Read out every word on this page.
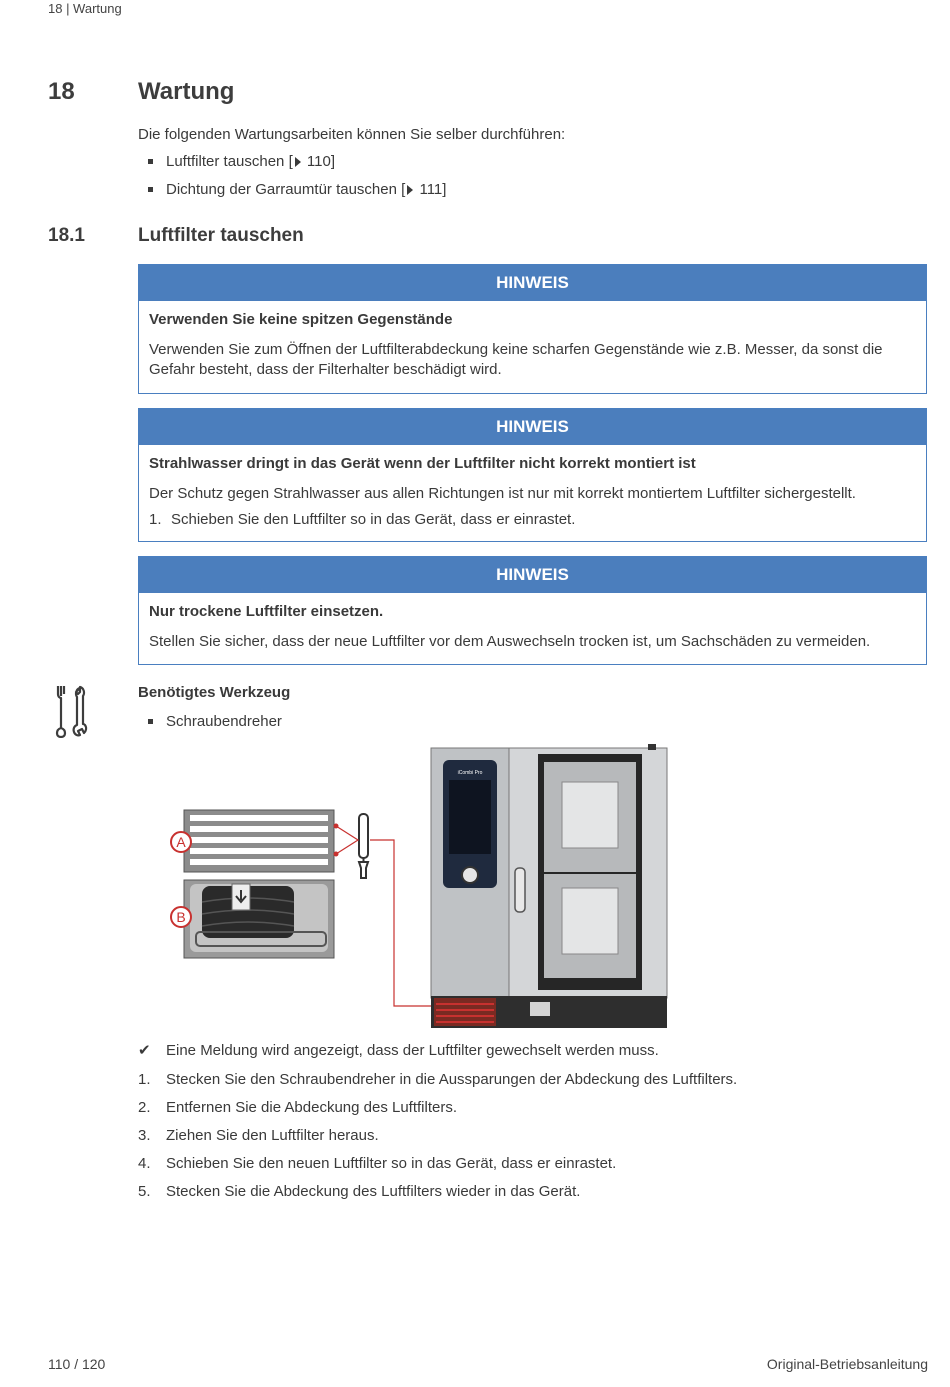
18 | Wartung
18	Wartung
Die folgenden Wartungsarbeiten können Sie selber durchführen:
Luftfilter tauschen [ 110]
Dichtung der Garraumtür tauschen [ 111]
18.1	Luftfilter tauschen
HINWEIS
Verwenden Sie keine spitzen Gegenstände
Verwenden Sie zum Öffnen der Luftfilterabdeckung keine scharfen Gegenstände wie z.B. Messer, da sonst die Gefahr besteht, dass der Filterhalter beschädigt wird.
HINWEIS
Strahlwasser dringt in das Gerät wenn der Luftfilter nicht korrekt montiert ist
Der Schutz gegen Strahlwasser aus allen Richtungen ist nur mit korrekt montiertem Luftfilter sichergestellt.
1. Schieben Sie den Luftfilter so in das Gerät, dass er einrastet.
HINWEIS
Nur trockene Luftfilter einsetzen.
Stellen Sie sicher, dass der neue Luftfilter vor dem Auswechseln trocken ist, um Sachschäden zu vermeiden.
Benötigtes Werkzeug
Schraubendreher
A
B
iCombi Pro
✔ Eine Meldung wird angezeigt, dass der Luftfilter gewechselt werden muss.
1. Stecken Sie den Schraubendreher in die Aussparungen der Abdeckung des Luftfilters.
2. Entfernen Sie die Abdeckung des Luftfilters.
3. Ziehen Sie den Luftfilter heraus.
4. Schieben Sie den neuen Luftfilter so in das Gerät, dass er einrastet.
5. Stecken Sie die Abdeckung des Luftfilters wieder in das Gerät.
110 / 120	Original-Betriebsanleitung
